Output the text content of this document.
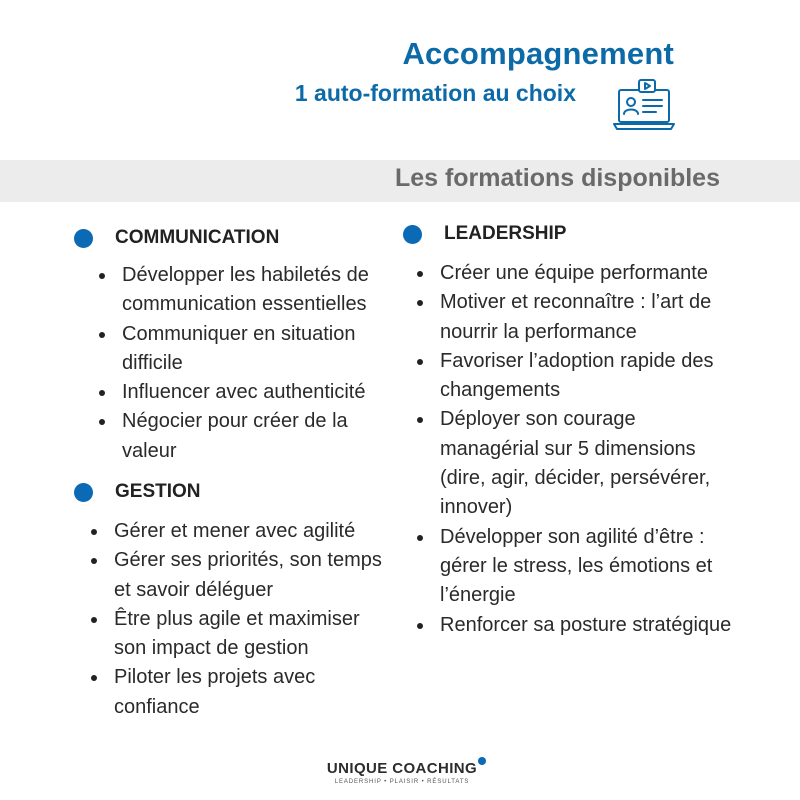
Accompagnement
1 auto-formation au choix
Les formations disponibles
COMMUNICATION
Développer les habiletés de communication essentielles
Communiquer en situation difficile
Influencer avec authenticité
Négocier pour créer de la valeur
GESTION
Gérer et mener avec agilité
Gérer ses priorités, son temps et savoir déléguer
Être plus agile et maximiser son impact de gestion
Piloter les projets avec confiance
LEADERSHIP
Créer une équipe performante
Motiver et reconnaître : l’art de nourrir la performance
Favoriser l’adoption rapide des changements
Déployer son courage managérial sur 5 dimensions (dire, agir, décider, persévérer, innover)
Développer son agilité d’être : gérer le stress, les émotions et l’énergie
Renforcer sa posture stratégique
UNIQUE COACHING
LEADERSHIP • PLAISIR • RÉSULTATS
